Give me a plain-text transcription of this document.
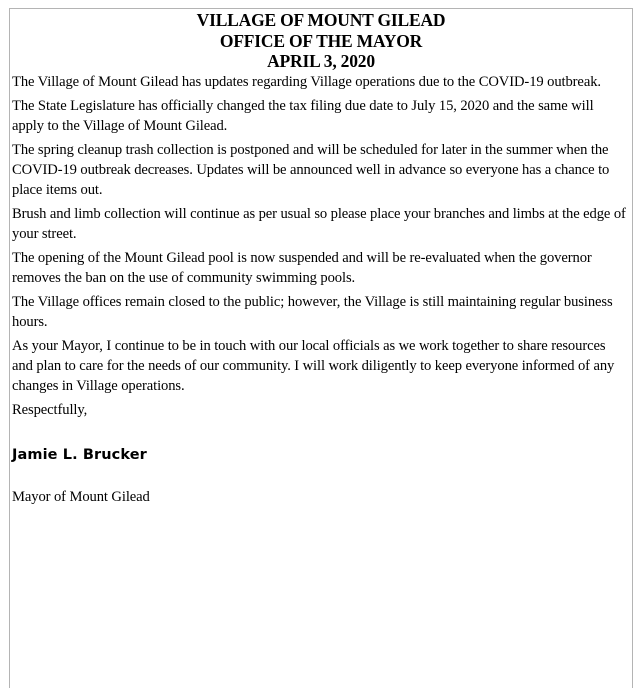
VILLAGE OF MOUNT GILEAD
OFFICE OF THE MAYOR
APRIL 3, 2020

The Village of Mount Gilead has updates regarding Village operations due to the COVID-19 outbreak.

The State Legislature has officially changed the tax filing due date to July 15, 2020 and the same will apply to the Village of Mount Gilead.

The spring cleanup trash collection is postponed and will be scheduled for later in the summer when the COVID-19 outbreak decreases. Updates will be announced well in advance so everyone has a chance to place items out.

Brush and limb collection will continue as per usual so please place your branches and limbs at the edge of your street.

The opening of the Mount Gilead pool is now suspended and will be re-evaluated when the governor removes the ban on the use of community swimming pools.

The Village offices remain closed to the public; however, the Village is still maintaining regular business hours.

As your Mayor, I continue to be in touch with our local officials as we work together to share resources and plan to care for the needs of our community. I will work diligently to keep everyone informed of any changes in Village operations.

Respectfully,

Jamie L. Brucker
Mayor of Mount Gilead
